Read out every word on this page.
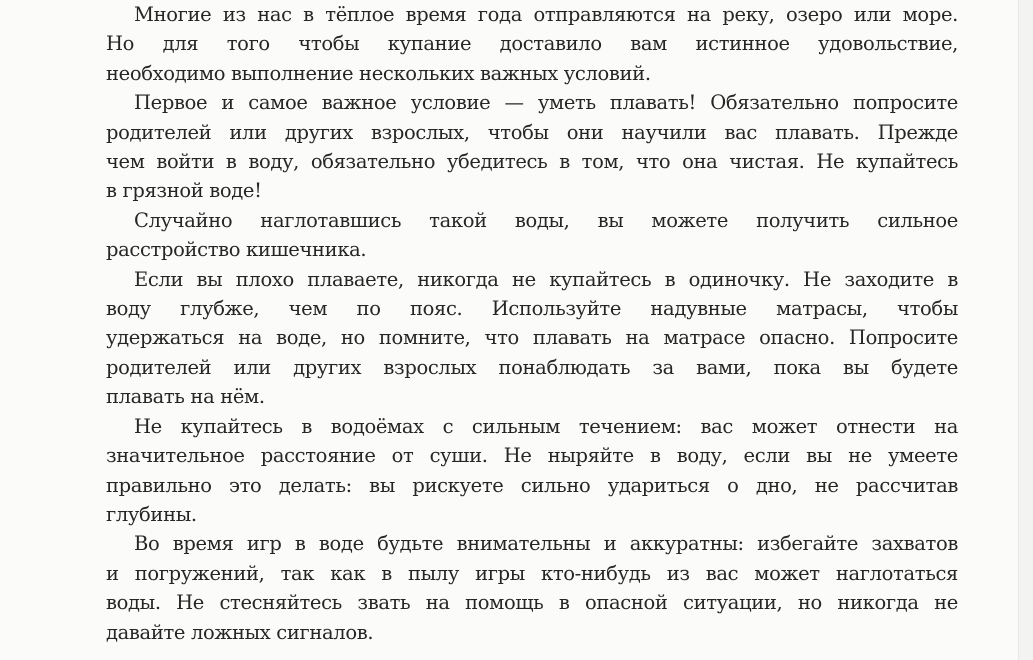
Многие из нас в тёплое время года отправляются на реку, озеро или море.
Но для того чтобы купание доставило вам истинное удовольствие,
необходимо выполнение нескольких важных условий.

Первое и самое важное условие — уметь плавать! Обязательно попросите
родителей или других взрослых, чтобы они научили вас плавать. Прежде
чем войти в воду, обязательно убедитесь в том, что она чистая. Не купайтесь
в грязной воде!

Случайно наглотавшись такой воды, вы можете получить сильное
расстройство кишечника.

Если вы плохо плаваете, никогда не купайтесь в одиночку. Не заходите в
воду глубже, чем по пояс. Используйте надувные матрасы, чтобы
удержаться на воде, но помните, что плавать на матрасе опасно. Попросите
родителей или других взрослых понаблюдать за вами, пока вы будете
плавать на нём.

Не купайтесь в водоёмах с сильным течением: вас может отнести на
значительное расстояние от суши. Не ныряйте в воду, если вы не умеете
правильно это делать: вы рискуете сильно удариться о дно, не рассчитав
глубины.

Во время игр в воде будьте внимательны и аккуратны: избегайте захватов
и погружений, так как в пылу игры кто-нибудь из вас может наглотаться
воды. Не стесняйтесь звать на помощь в опасной ситуации, но никогда не
давайте ложных сигналов.
